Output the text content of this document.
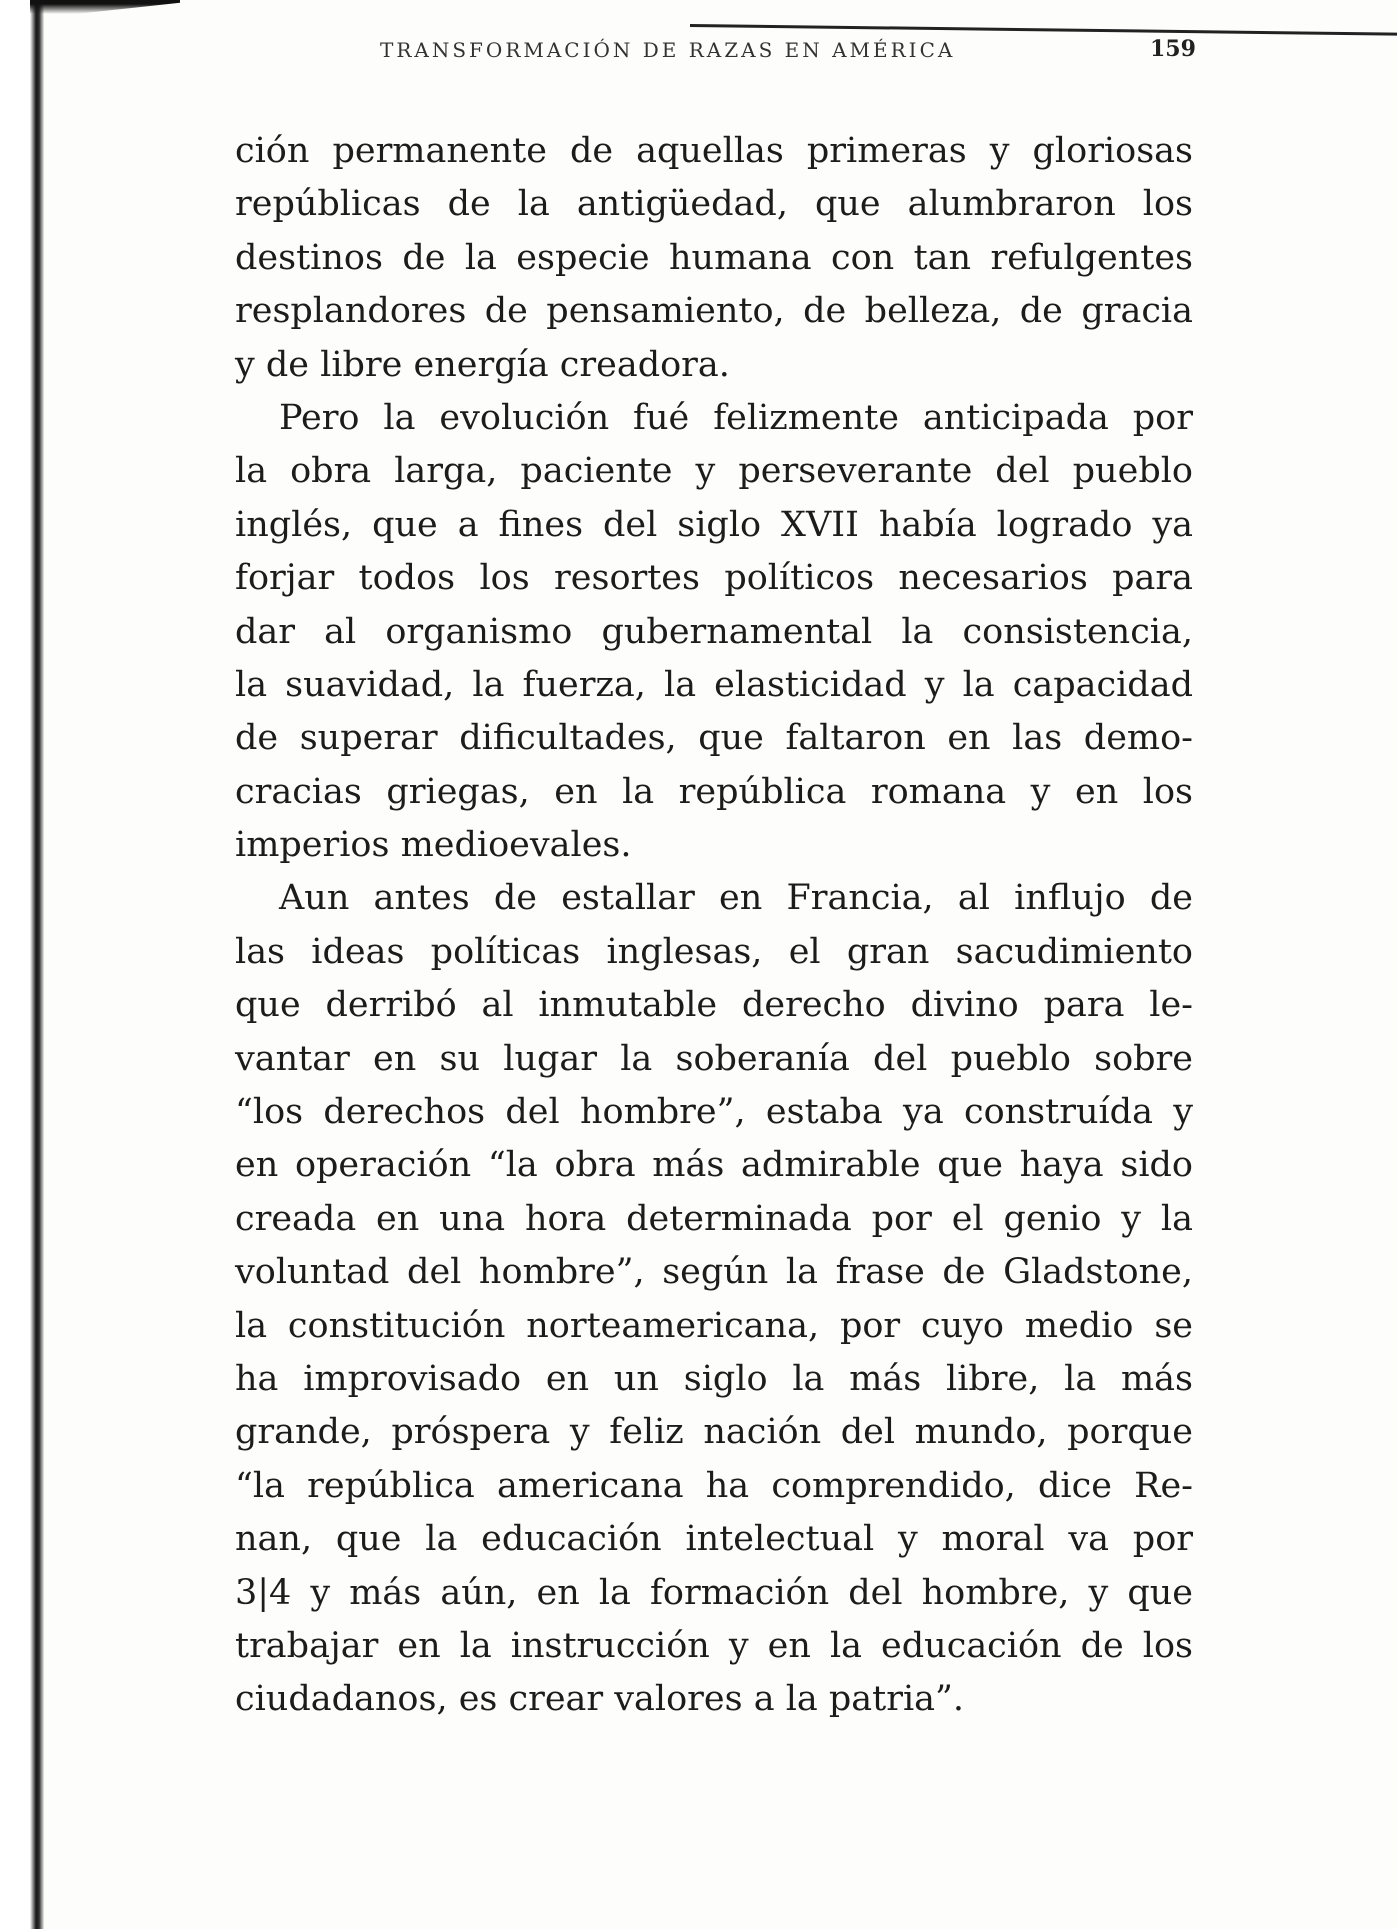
TRANSFORMACIÓN DE RAZAS EN AMÉRICA	159
ción permanente de aquellas primeras y gloriosas
repúblicas de la antigüedad, que alumbraron los
destinos de la especie humana con tan refulgentes
resplandores de pensamiento, de belleza, de gracia
y de libre energía creadora.
Pero la evolución fué felizmente anticipada por
la obra larga, paciente y perseverante del pueblo
inglés, que a fines del siglo XVII había logrado ya
forjar todos los resortes políticos necesarios para
dar al organismo gubernamental la consistencia,
la suavidad, la fuerza, la elasticidad y la capacidad
de superar dificultades, que faltaron en las demo-
cracias griegas, en la república romana y en los
imperios medioevales.
Aun antes de estallar en Francia, al influjo de
las ideas políticas inglesas, el gran sacudimiento
que derribó al inmutable derecho divino para le-
vantar en su lugar la soberanía del pueblo sobre
“los derechos del hombre”, estaba ya construída y
en operación “la obra más admirable que haya sido
creada en una hora determinada por el genio y la
voluntad del hombre”, según la frase de Gladstone,
la constitución norteamericana, por cuyo medio se
ha improvisado en un siglo la más libre, la más
grande, próspera y feliz nación del mundo, porque
“la república americana ha comprendido, dice Re-
nan, que la educación intelectual y moral va por
3|4 y más aún, en la formación del hombre, y que
trabajar en la instrucción y en la educación de los
ciudadanos, es crear valores a la patria”.
